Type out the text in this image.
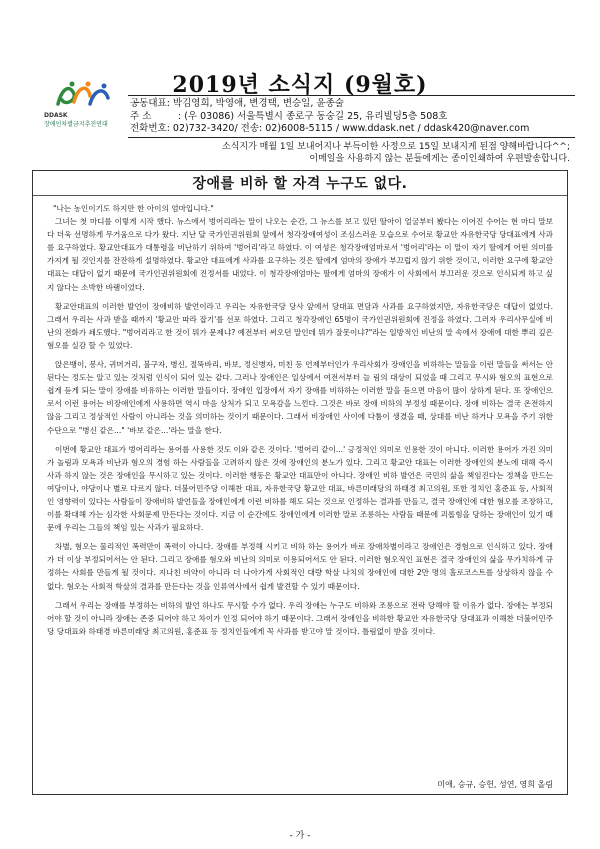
DDASK
장애인차별금지추진연대
2019년 소식지 (9월호)
공동대표: 박김영희, 박영애, 변경택, 변승일, 윤종술
주 소	: (우 03086) 서울특별시 종로구 동숭길 25, 유리빌딩5층 508호
전화번호: 02)732-3420/ 전송: 02)6008-5115 / www.ddask.net / ddask420@naver.com
소식지가 매월 1일 보내어지나 부득이한 사정으로 15일 보내지게 된점 양해바랍니다^^;
이메일을 사용하지 않는 분들에게는 종이인쇄하여 우편발송합니다.
장애를 비하 할 자격 누구도 없다.

"나는 농인이기도 하지만 한 아이의 엄마입니다."

그녀는 첫 마디를 이렇게 시작 했다. 뉴스에서 벙어리라는 말이 나오는 순간, 그 뉴스를 보고 있던 딸아이 얼굴부터 봤다는 이어진 수어는 현 마디 말보다 더욱 선명하게 무거움으로 다가 왔다. 지난 달 국가인권위원회 앞에서 청각장애여성이 조심스러운 모습으로 수어로 황교안 자유한국당 당대표에게 사과를 요구하였다. 황교안대표가 대통령을 비난하기 위하여 '벙어리'라고 하였다. 이 여성은 청각장애엄마로서 '벙어리'라는 이 말이 자기 딸에게 어떤 의미를 가지게 될 것인지를 잔잔하게 설명하였다. 황교안 대표에게 사과를 요구하는 것은 딸에게 엄마의 장애가 부끄럽지 않기 위한 것이고, 이러한 요구에 황교안 대표는 대답이 없기 때문에 국가인권위원회에 진정서를 내었다. 이 청각장애엄마는 딸에게 엄마의 장애가 이 사회에서 부끄러운 것으로 인식되게 하고 싶지 않다는 소박한 바램이었다.

황교안대표의 이러한 발언이 장애비하 발언이라고 우리는 자유한국당 당사 앞에서 당대표 면담과 사과를 요구하였지만, 자유한국당은 대답이 없었다. 그래서 우리는 사과 받을 때까지 '황교안 따라 잡기'를 선포 하였다. 그리고 청각장애인 65명이 국가인권위원회에 진정을 하였다. 그러자 우리사무실에 비난의 전화가 쇄도했다. "벙어리라고 한 것이 뭐가 문제냐? 예전부터 써오던 말인데 뭐가 잘못이냐?"라는 일방적인 비난의 말 속에서 장애에 대한 뿌리 깊은 혐오를 실감 할 수 있었다.

앉은뱅이, 봉사, 귀머거리, 불구자, 병신, 절뚝바리, 바보, 정신병자, 미친 등 언제부터인가 우리사회가 장애인을 비하하는 말들을 이런 말들을 써서는 안 된다는 정도는 알고 있는 것처럼 인식이 되어 있는 같다. 그러나 장애인은 일상에서 여전서부터 늘 림의 대상이 되었을 때 그리고 무시와 혐오의 표현으로 쉽게 듣게 되는 말이 장애를 비유하는 이러한 말들이다. 장애인 입장에서 자기 장애를 비하하는 이러한 말을 듣으면 마음이 많이 상하게 된다. 또 장애인으로서 이런 용어는 비장애인에게 사용하면 역시 마음 상처가 되고 모욕감을 느낀다. 그것은 바로 장애 비하의 부정성 때문이다. 장애 비하는 결국 온전하지 않음 그리고 정상적인 사람이 아니라는 것을 의미하는 것이기 때문이다. 그래서 비장애인 사이에 다툼이 생겼을 때, 상대를 비난 하거나 모욕을 주기 위한 수단으로 "병신 같은..." '바보 같은...'라는 말을 한다.

이번에 황교안 대표가 벙어리라는 용어를 사용한 것도 이와 같은 것이다. '벙어리 같이...' 긍정적인 의미로 인용한 것이 아니다. 이러한 용어가 가진 의미가 놀림과 모욕과 비난과 혐오의 경험 하는 사람들을 고려하지 않은 것에 장애인의 분노가 있다. 그리고 황교안 대표는 이러한 장애인의 분노에 대해 즉시 사과 하지 않는 것은 장애인을 무시하고 있는 것이다. 이러한 행동은 황교안 대표만이 아니다. 장애인 비하 발언은 국민의 삶을 책임진다는 정책을 만드는 여당이나, 야당이나 별로 다르지 않다. 더불어민주당 이해찬 대표, 자유한국당 황교안 대표, 바른미래당의 하태경 최고의원, 또한 정치인 홍준표 등, 사회적인 영향력이 있다는 사람들이 장애비하 발언들을 장애인에게 이런 비하를 해도 되는 것으로 인정하는 결과를 만들고, 결국 장애인에 대한 혐오를 조장하고, 이를 확대해 가는 심각한 사회문제 만든다는 것이다. 지금 이 순간에도 장애인에게 이러한 말로 조롱하는 사람들 때문에 괴롭힘을 당하는 장애인이 있기 때문에 우리는 그들의 책임 있는 사과가 필요하다.

차별, 혐오는 물리적인 폭력만이 폭력이 아니다. 장애를 부정해 시키고 비하 하는 용어가 바로 장애차별이라고 장애인은 경험으로 인식하고 있다. 장애가 더 이상 부정되어서는 안 된다. 그리고 장애를 혐오와 비난의 의미로 이용되어서도 안 된다. 이러한 혐오적인 표현은 결국 장애인의 삶을 무가치하게 규정하는 사회를 만들게 될 것이다. 지나친 비약이 아니라 더 나아가게 사회적인 대량 학살 나치의 장애인에 대한 2만 명의 홀로코스트를 상상하지 않을 수 없다. 혐오는 사회적 학살의 결과를 만든다는 것을 인류역사에서 쉽게 발견할 수 있기 때문이다.

그래서 우리는 장애를 부정하는 비하의 발언 하나도 무시할 수가 없다. 우리 장애는 누구도 비하와 조롱으로 전락 당해야 할 이유가 없다. 장애는 부정되어야 할 것이 아니라 장애는 존중 되어야 하고 차이가 인정 되어야 하기 때문이다. 그래서 장애인을 비하한 황교안 자유한국당 당대표과 이해찬 더불어민주당 당대표와 하태경 바른미래당 최고의원, 홍준표 등 정치인들에게 꼭 사과를 받고야 말 것이다. 틀림없이 받을 것이다.

미애, 승규, 승헌, 성연, 영희 올림
- 가 -
